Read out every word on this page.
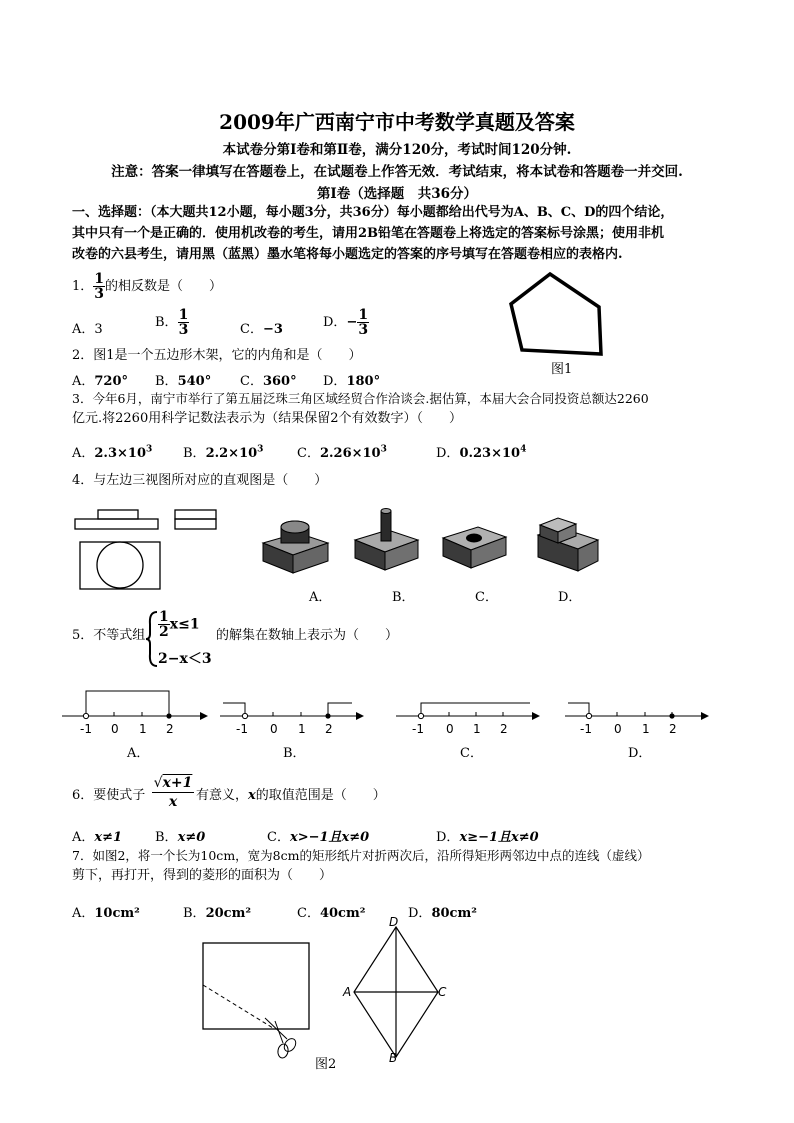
2009年广西南宁市中考数学真题及答案
本试卷分第Ⅰ卷和第Ⅱ卷，满分120分，考试时间120分钟.
注意：答案一律填写在答题卷上，在试题卷上作答无效．考试结束，将本试卷和答题卷一并交回.
第Ⅰ卷（选择题　共36分）
一、选择题：（本大题共12小题，每小题3分，共36分）每小题都给出代号为A、B、C、D的四个结论，
其中只有一个是正确的．使用机改卷的考生，请用2B铅笔在答题卷上将选定的答案标号涂黑；使用非机
改卷的六县考生，请用黑（蓝黑）墨水笔将每小题选定的答案的序号填写在答题卷相应的表格内.
1． $\frac{1}{3}$ 的相反数是（　　）
A．3	B． $\frac{1}{3}$	C．−3	D．− $\frac{1}{3}$
图1
2．图1是一个五边形木架，它的内角和是（　　）
A．720° B．540° C．360° D．180°
3．今年6月，南宁市举行了第五届泛珠三角区域经贸合作洽谈会.据估算，本届大会合同投资总额达2260
亿元.将2260用科学记数法表示为（结果保留2个有效数字）（　　）
A．$2.3\times 10^3$ B．$2.2\times 10^3$	C．$2.26\times 10^3$	D．$0.23\times 10^4$
4．与左边三视图所对应的直观图是（　　）
A．	B．	C．	D．
5．不等式组 $\frac{1}{2} x\le 1$
2−x＜3
的解集在数轴上表示为（　　）
-1 0 1 2	-1 0 1 2	-1 0 1 2	-1 0 1 2
A．	B．	C．	D．
6．要使式子
√x+1
x	有意义，x的取值范围是（　　）
A．x≠1	B．x≠0	C．x>−1且x≠0	D．x≥−1且x≠0
7．如图2，将一个长为10cm，宽为8cm的矩形纸片对折两次后，沿所得矩形两邻边中点的连线（虚线）
剪下，再打开，得到的菱形的面积为（　　）
A．10cm²	B．20cm²	C．40cm²	D．80cm²
D
A	C
B
图2
